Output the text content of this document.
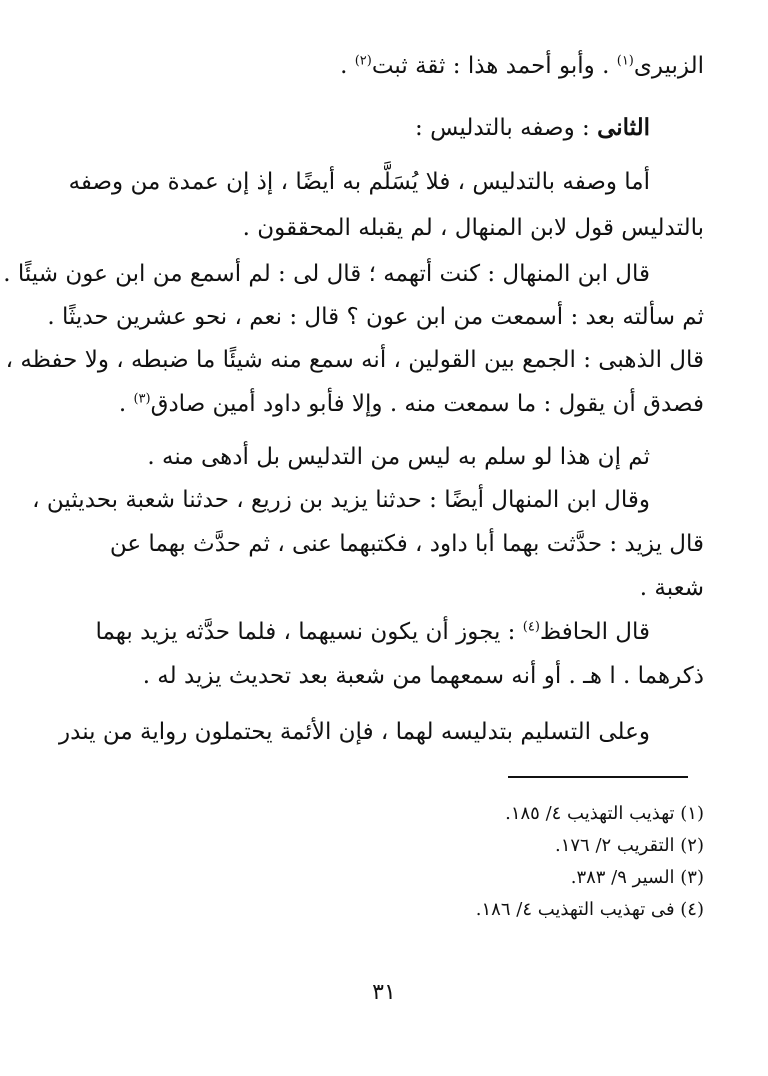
الزبيرى$^{(١)}$ . وأبو أحمد هذا : ثقة ثبت$^{(٢)}$ .
الثانى : وصفه بالتدليس :
أما وصفه بالتدليس ، فلا يُسَلَّم به أيضًا ، إذ إن عمدة من وصفه
بالتدليس قول لابن المنهال ، لم يقبله المحققون .
قال ابن المنهال : كنت أتهمه ؛ قال لى : لم أسمع من ابن عون شيئًا .
ثم سألته بعد : أسمعت من ابن عون ؟ قال : نعم ، نحو عشرين حديثًا .
قال الذهبى : الجمع بين القولين ، أنه سمع منه شيئًا ما ضبطه ، ولا حفظه ،
فصدق أن يقول : ما سمعت منه . وإلا فأبو داود أمين صادق$^{(٣)}$ .
ثم إن هذا لو سلم به ليس من التدليس بل أدهى منه .
وقال ابن المنهال أيضًا : حدثنا يزيد بن زريع ، حدثنا شعبة بحديثين ،
قال يزيد : حدَّثت بهما أبا داود ، فكتبهما عنى ، ثم حدَّث بهما عن
شعبة .
قال الحافظ$^{(٤)}$ : يجوز أن يكون نسيهما ، فلما حدَّثه يزيد بهما
ذكرهما . ا هـ . أو أنه سمعهما من شعبة بعد تحديث يزيد له .
وعلى التسليم بتدليسه لهما ، فإن الأئمة يحتملون رواية من يندر
(١) تهذيب التهذيب ٤/ ١٨٥.
(٢) التقريب ٢/ ١٧٦.
(٣) السير ٩/ ٣٨٣.
(٤) فى تهذيب التهذيب ٤/ ١٨٦.
٣١
